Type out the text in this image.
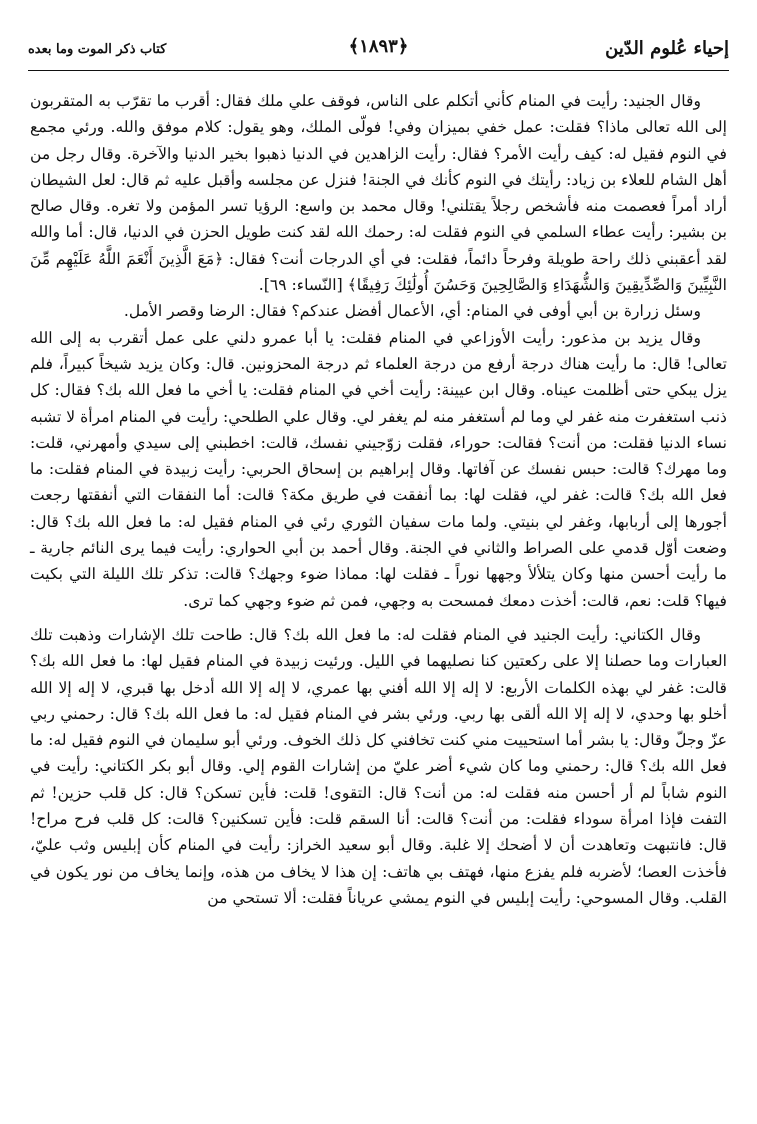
إحياء عُلوم الدّين
﴿١٨٩٣﴾
كتاب ذكر الموت وما بعده

وقال الجنيد: رأيت في المنام كأني أتكلم على الناس، فوقف علي ملك فقال: أقرب ما تقرّب به المتقربون إلى الله تعالى ماذا؟ فقلت: عمل خفي بميزان وفي! فولّى الملك، وهو يقول: كلام موفق والله. ورئي مجمع في النوم فقيل له: كيف رأيت الأمر؟ فقال: رأيت الزاهدين في الدنيا ذهبوا بخير الدنيا والآخرة. وقال رجل من أهل الشام للعلاء بن زياد: رأيتك في النوم كأنك في الجنة! فنزل عن مجلسه وأقبل عليه ثم قال: لعل الشيطان أراد أمراً فعصمت منه فأشخص رجلاً يقتلني! وقال محمد بن واسع: الرؤيا تسر المؤمن ولا تغره. وقال صالح بن بشير: رأيت عطاء السلمي في النوم فقلت له: رحمك الله لقد كنت طويل الحزن في الدنيا، قال: أما والله لقد أعقبني ذلك راحة طويلة وفرحاً دائماً، فقلت: في أي الدرجات أنت؟ فقال: ﴿مَعَ الَّذِينَ أَنْعَمَ اللَّهُ عَلَيْهِم مِّنَ النَّبِيِّينَ وَالصِّدِّيقِينَ وَالشُّهَدَاءِ وَالصَّالِحِينَ وَحَسُنَ أُولَٰئِكَ رَفِيقًا﴾ [النّساء: ٦٩].

وسئل زرارة بن أبي أوفى في المنام: أي، الأعمال أفضل عندكم؟ فقال: الرضا وقصر الأمل.

وقال يزيد بن مذعور: رأيت الأوزاعي في المنام فقلت: يا أبا عمرو دلني على عمل أتقرب به إلى الله تعالى! قال: ما رأيت هناك درجة أرفع من درجة العلماء ثم درجة المحزونين. قال: وكان يزيد شيخاً كبيراً، فلم يزل يبكي حتى أظلمت عيناه. وقال ابن عيينة: رأيت أخي في المنام فقلت: يا أخي ما فعل الله بك؟ فقال: كل ذنب استغفرت منه غفر لي وما لم أستغفر منه لم يغفر لي. وقال علي الطلحي: رأيت في المنام امرأة لا تشبه نساء الدنيا فقلت: من أنت؟ فقالت: حوراء، فقلت زوّجيني نفسك، قالت: اخطبني إلى سيدي وأمهرني، قلت: وما مهرك؟ قالت: حبس نفسك عن آفاتها. وقال إبراهيم بن إسحاق الحربي: رأيت زبيدة في المنام فقلت: ما فعل الله بك؟ قالت: غفر لي، فقلت لها: بما أنفقت في طريق مكة؟ قالت: أما النفقات التي أنفقتها رجعت أجورها إلى أربابها، وغفر لي بنيتي. ولما مات سفيان الثوري رئي في المنام فقيل له: ما فعل الله بك؟ قال: وضعت أوّل قدمي على الصراط والثاني في الجنة. وقال أحمد بن أبي الحواري: رأيت فيما يرى النائم جارية ـ ما رأيت أحسن منها وكان يتلألأ وجهها نوراً ـ فقلت لها: مماذا ضوء وجهك؟ قالت: تذكر تلك الليلة التي بكيت فيها؟ قلت: نعم، قالت: أخذت دمعك فمسحت به وجهي، فمن ثم ضوء وجهي كما ترى.

وقال الكتاني: رأيت الجنيد في المنام فقلت له: ما فعل الله بك؟ قال: طاحت تلك الإشارات وذهبت تلك العبارات وما حصلنا إلا على ركعتين كنا نصليهما في الليل. ورئيت زبيدة في المنام فقيل لها: ما فعل الله بك؟ قالت: غفر لي بهذه الكلمات الأربع: لا إله إلا الله أفني بها عمري، لا إله إلا الله أدخل بها قبري، لا إله إلا الله أخلو بها وحدي، لا إله إلا الله ألقى بها ربي. ورئي بشر في المنام فقيل له: ما فعل الله بك؟ قال: رحمني ربي عزّ وجلّ وقال: يا بشر أما استحييت مني كنت تخافني كل ذلك الخوف. ورئي أبو سليمان في النوم فقيل له: ما فعل الله بك؟ قال: رحمني وما كان شيء أضر عليّ من إشارات القوم إلي. وقال أبو بكر الكتاني: رأيت في النوم شاباً لم أر أحسن منه فقلت له: من أنت؟ قال: التقوى! قلت: فأين تسكن؟ قال: كل قلب حزين! ثم التفت فإذا امرأة سوداء فقلت: من أنت؟ قالت: أنا السقم قلت: فأين تسكنين؟ قالت: كل قلب فرح مراح! قال: فانتبهت وتعاهدت أن لا أضحك إلا غلبة. وقال أبو سعيد الخراز: رأيت في المنام كأن إبليس وثب عليّ، فأخذت العصا؛ لأضربه فلم يفزع منها، فهتف بي هاتف: إن هذا لا يخاف من هذه، وإنما يخاف من نور يكون في القلب. وقال المسوحي: رأيت إبليس في النوم يمشي عرياناً فقلت: ألا تستحي من
